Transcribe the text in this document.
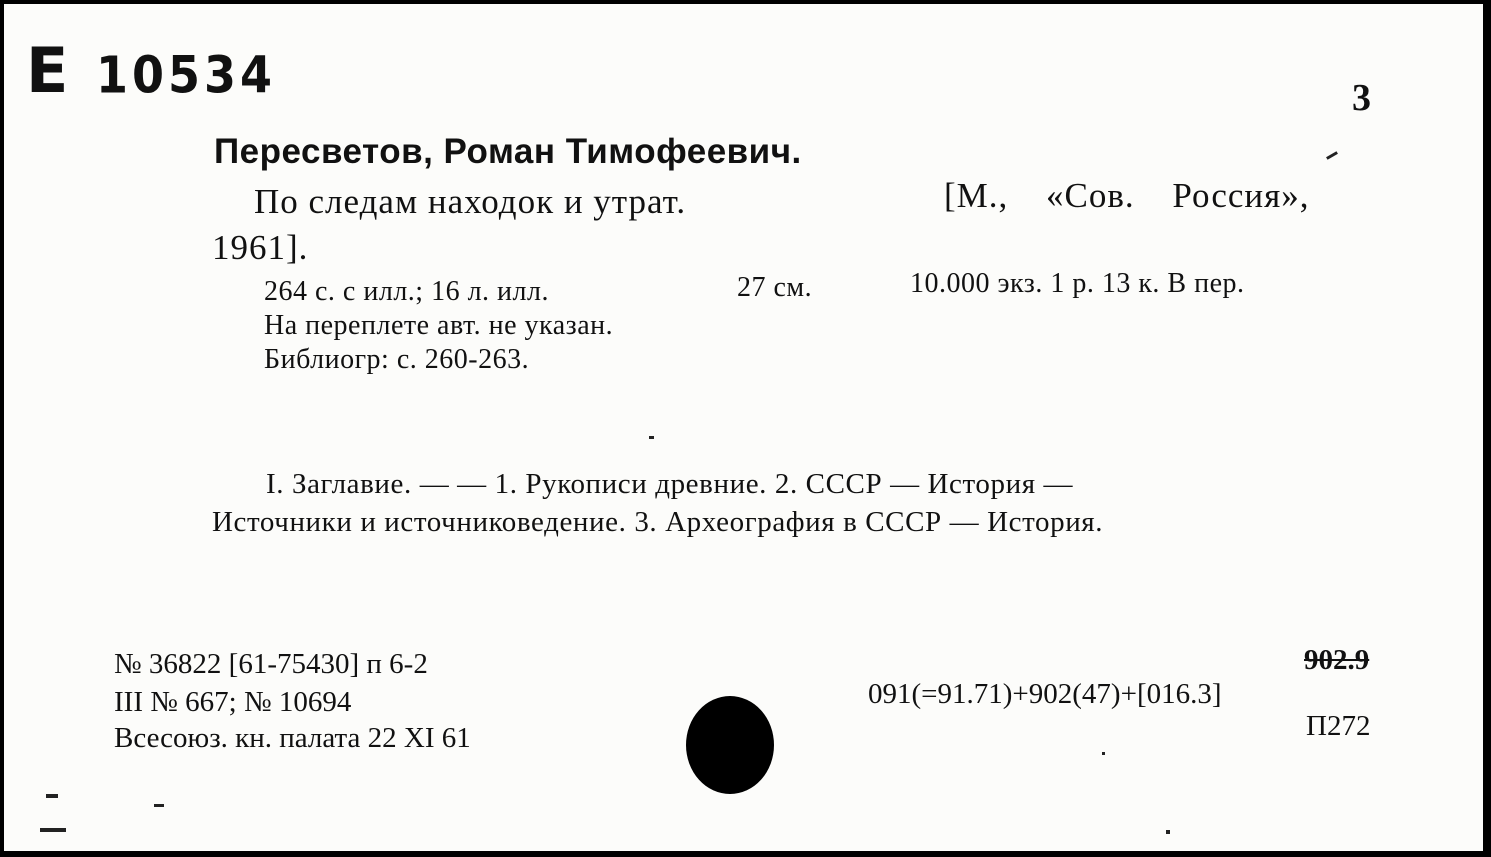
E 10534	3
Пересветов, Роман Тимофеевич.
По следам находок и утрат.	[М., «Сов. Россия»,
1961].
264 с. с илл.; 16 л. илл.	27 см.	10.000 экз. 1 р. 13 к. В пер.
На переплете авт. не указан.
Библиогр: с. 260-263.
I. Заглавие. — — 1. Рукописи древние. 2. СССР — История —
Источники и источниковедение. 3. Археография в СССР — История.
№ 36822 [61-75430] п 6-2
III № 667; № 10694
Всесоюз. кн. палата 22 XI 61
902.9
091(=91.71)+902(47)+[016.3]
П272
